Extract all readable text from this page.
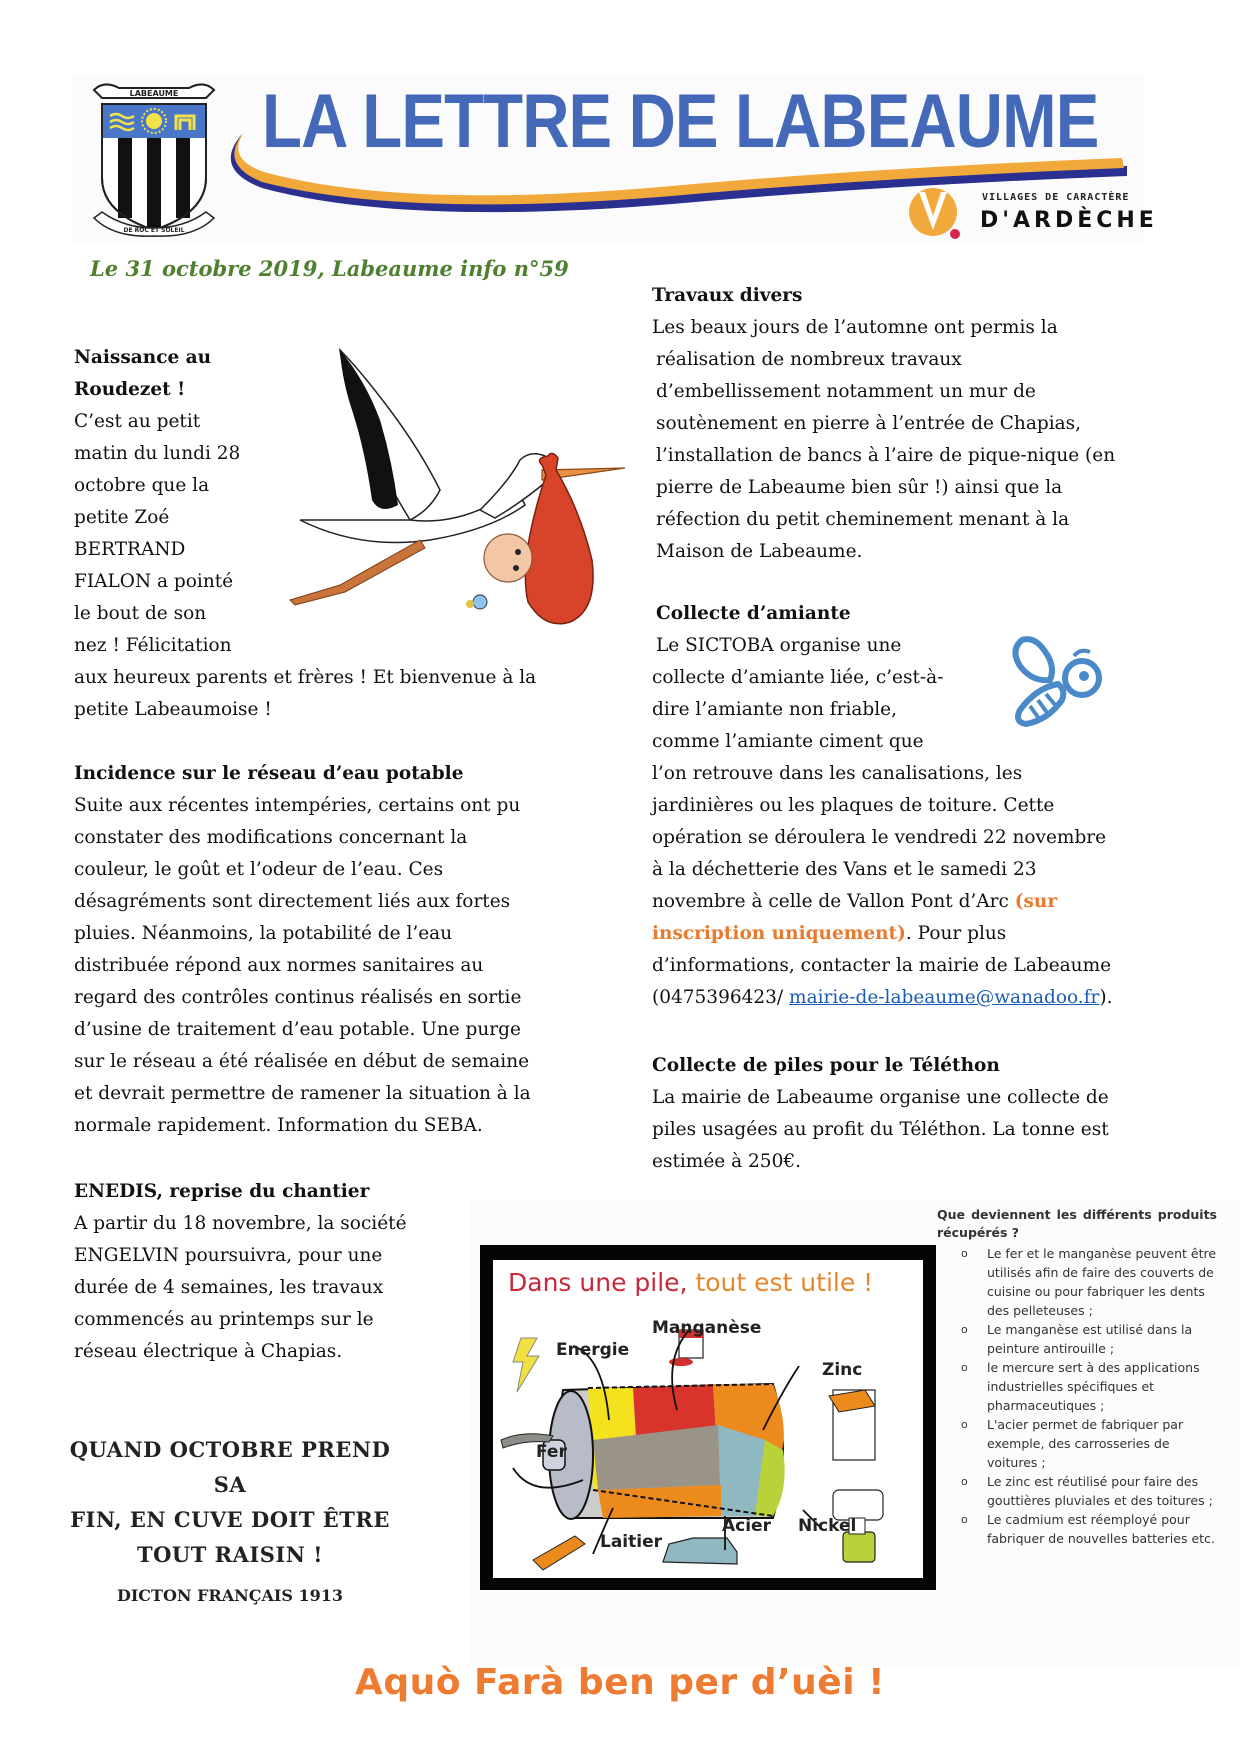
LABEAUME
DE ROC ET SOLEIL
LA LETTRE DE LABEAUME
VILLAGES DE CARACTÈRE
D'ARDÈCHE
Le 31 octobre 2019, Labeaume info n°59
Naissance au
Roudezet !
C’est au petit
matin du lundi 28
octobre que la
petite Zoé
BERTRAND
FIALON a pointé
le bout de son
nez ! Félicitation
aux heureux parents et frères ! Et bienvenue à la
petite Labeaumoise !
Incidence sur le réseau d’eau potable
Suite aux récentes intempéries, certains ont pu
constater des modifications concernant la
couleur, le goût et l’odeur de l’eau. Ces
désagréments sont directement liés aux fortes
pluies. Néanmoins, la potabilité de l’eau
distribuée répond aux normes sanitaires au
regard des contrôles continus réalisés en sortie
d’usine de traitement d’eau potable. Une purge
sur le réseau a été réalisée en début de semaine
et devrait permettre de ramener la situation à la
normale rapidement. Information du SEBA.
ENEDIS, reprise du chantier
A partir du 18 novembre, la société
ENGELVIN poursuivra, pour une
durée de 4 semaines, les travaux
commencés au printemps sur le
réseau électrique à Chapias.
QUAND OCTOBRE PREND SA
FIN, EN CUVE DOIT ÊTRE
TOUT RAISIN !
DICTON FRANÇAIS 1913
Travaux divers
Les beaux jours de l’automne ont permis la
réalisation de nombreux travaux
d’embellissement notamment un mur de
soutènement en pierre à l’entrée de Chapias,
l’installation de bancs à l’aire de pique-nique (en
pierre de Labeaume bien sûr !) ainsi que la
réfection du petit cheminement menant à la
Maison de Labeaume.
Collecte d’amiante
Le SICTOBA organise une
collecte d’amiante liée, c’est-à-
dire l’amiante non friable,
comme l’amiante ciment que
l’on retrouve dans les canalisations, les
jardinières ou les plaques de toiture. Cette
opération se déroulera le vendredi 22 novembre
à la déchetterie des Vans et le samedi 23
novembre à celle de Vallon Pont d’Arc (sur
inscription uniquement). Pour plus
d’informations, contacter la mairie de Labeaume
(0475396423/ mairie-de-labeaume@wanadoo.fr).
Collecte de piles pour le Téléthon
La mairie de Labeaume organise une collecte de
piles usagées au profit du Téléthon. La tonne est
estimée à 250€.
Dans une pile, tout est utile !
Energie
Manganèse
Zinc
Fer
Laitier
Acier Nickel
Que deviennent les différents produits récupérés ?
o Le fer et le manganèse peuvent être utilisés afin de faire des couverts de cuisine ou pour fabriquer les dents des pelleteuses ;
o Le manganèse est utilisé dans la peinture antirouille ;
o le mercure sert à des applications industrielles spécifiques et pharmaceutiques ;
o L'acier permet de fabriquer par exemple, des carrosseries de voitures ;
o Le zinc est réutilisé pour faire des gouttières pluviales et des toitures ;
o Le cadmium est réemployé pour fabriquer de nouvelles batteries etc.
Aquò Farà ben per d’uèi !
